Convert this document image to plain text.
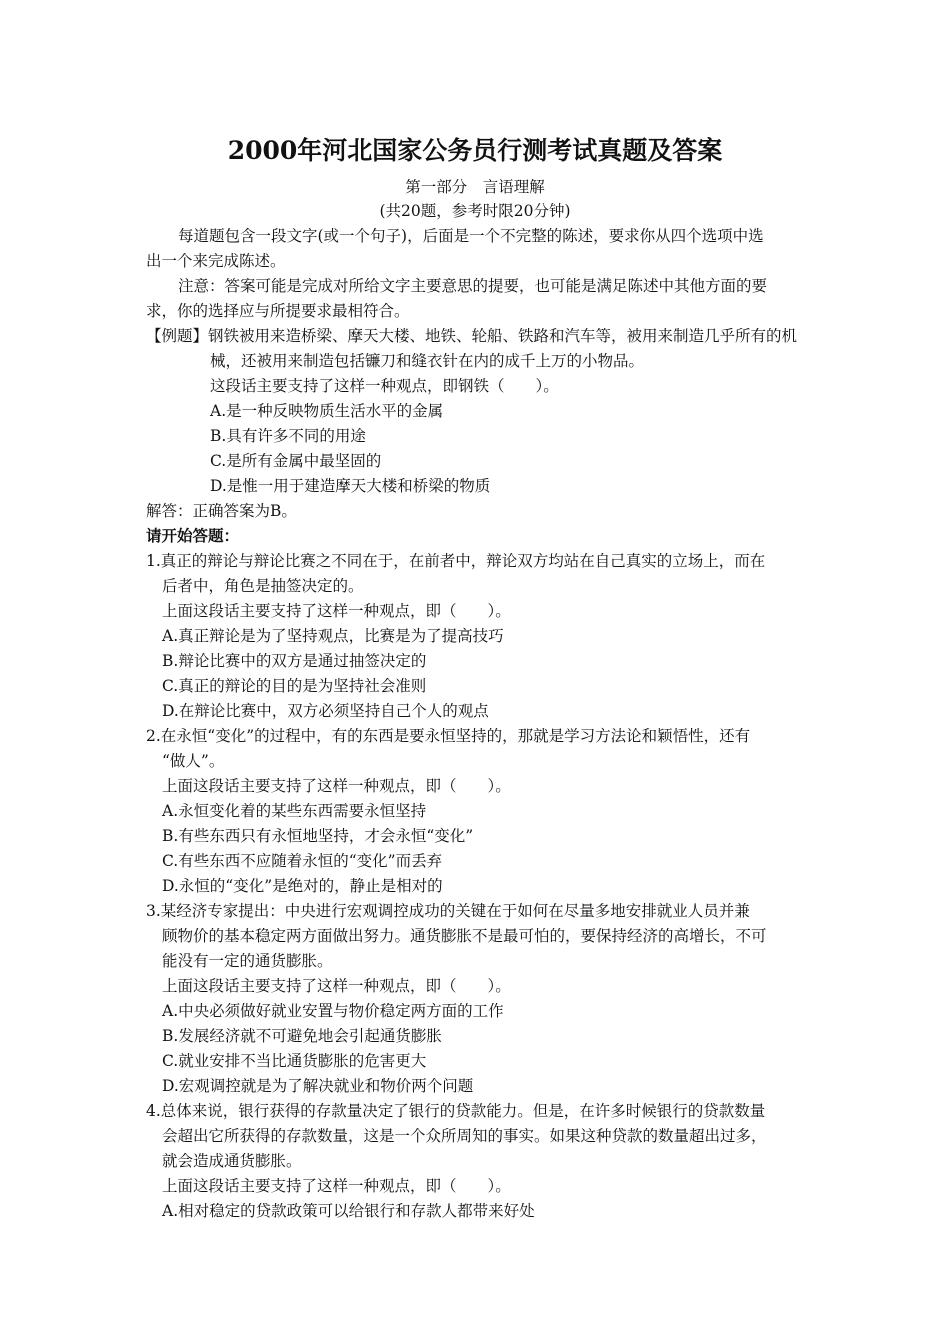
2000年河北国家公务员行测考试真题及答案
第一部分　言语理解
(共20题，参考时限20分钟)
每道题包含一段文字(或一个句子)，后面是一个不完整的陈述，要求你从四个选项中选
出一个来完成陈述。
注意：答案可能是完成对所给文字主要意思的提要，也可能是满足陈述中其他方面的要
求，你的选择应与所提要求最相符合。
【例题】钢铁被用来造桥梁、摩天大楼、地铁、轮船、铁路和汽车等，被用来制造几乎所有的机
械，还被用来制造包括镰刀和缝衣针在内的成千上万的小物品。
这段话主要支持了这样一种观点，即钢铁（　　）。
A.是一种反映物质生活水平的金属
B.具有许多不同的用途
C.是所有金属中最坚固的
D.是惟一用于建造摩天大楼和桥梁的物质
解答：正确答案为B。
请开始答题：
1.真正的辩论与辩论比赛之不同在于，在前者中，辩论双方均站在自己真实的立场上，而在
后者中，角色是抽签决定的。
上面这段话主要支持了这样一种观点，即（　　）。
A.真正辩论是为了坚持观点，比赛是为了提高技巧
B.辩论比赛中的双方是通过抽签决定的
C.真正的辩论的目的是为坚持社会准则
D.在辩论比赛中，双方必须坚持自己个人的观点
2.在永恒“变化”的过程中，有的东西是要永恒坚持的，那就是学习方法论和颖悟性，还有
“做人”。
上面这段话主要支持了这样一种观点，即（　　）。
A.永恒变化着的某些东西需要永恒坚持
B.有些东西只有永恒地坚持，才会永恒“变化”
C.有些东西不应随着永恒的“变化”而丢弃
D.永恒的“变化”是绝对的，静止是相对的
3.某经济专家提出：中央进行宏观调控成功的关键在于如何在尽量多地安排就业人员并兼
顾物价的基本稳定两方面做出努力。通货膨胀不是最可怕的，要保持经济的高增长，不可
能没有一定的通货膨胀。
上面这段话主要支持了这样一种观点，即（　　）。
A.中央必须做好就业安置与物价稳定两方面的工作
B.发展经济就不可避免地会引起通货膨胀
C.就业安排不当比通货膨胀的危害更大
D.宏观调控就是为了解决就业和物价两个问题
4.总体来说，银行获得的存款量决定了银行的贷款能力。但是，在许多时候银行的贷款数量
会超出它所获得的存款数量，这是一个众所周知的事实。如果这种贷款的数量超出过多，
就会造成通货膨胀。
上面这段话主要支持了这样一种观点，即（　　）。
A.相对稳定的贷款政策可以给银行和存款人都带来好处
